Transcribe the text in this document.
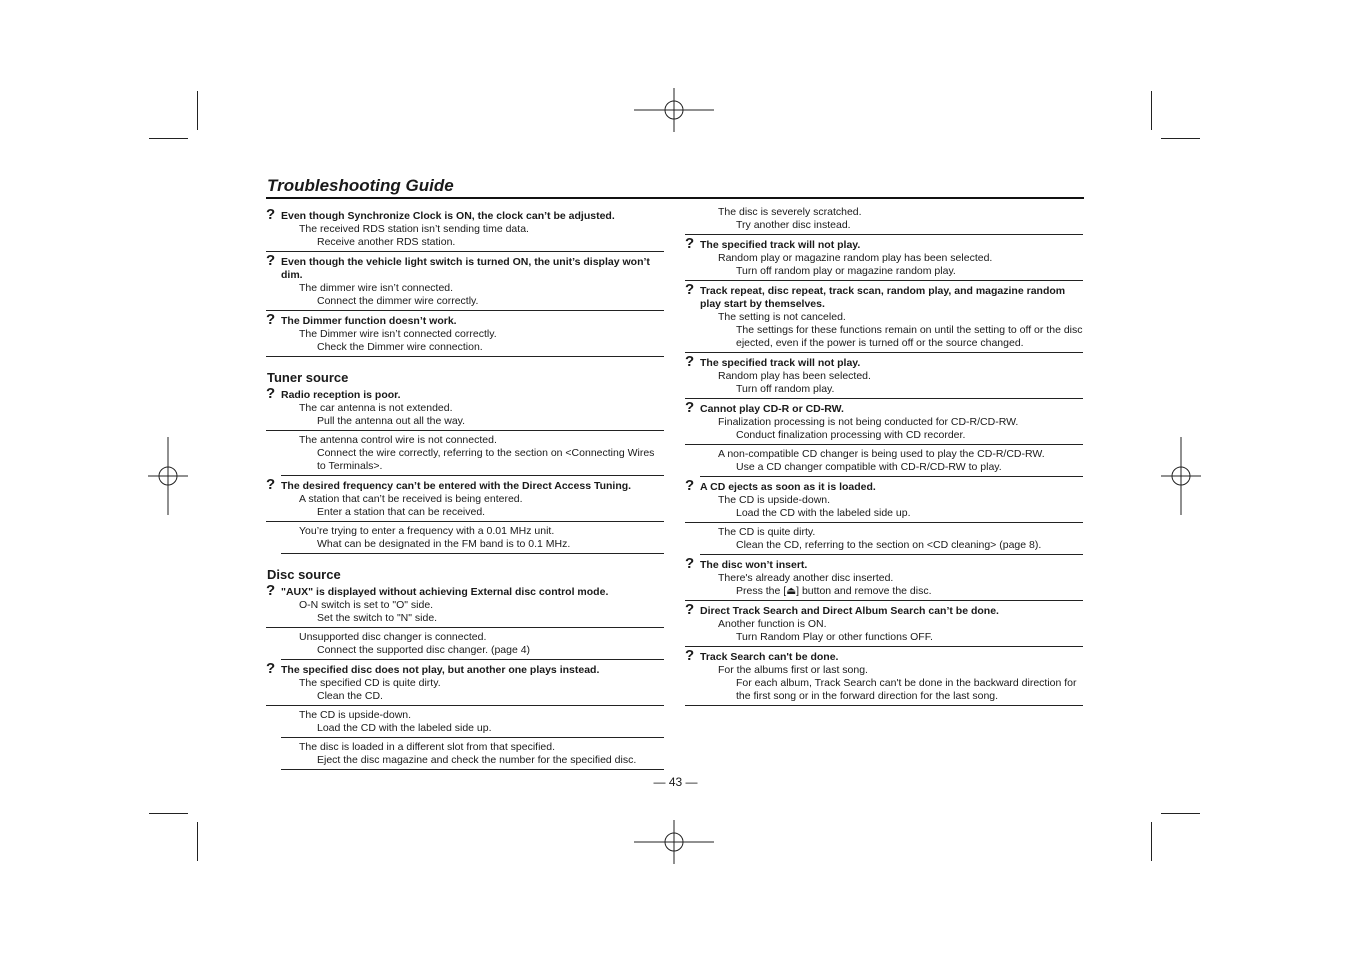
Troubleshooting Guide
? Even though Synchronize Clock is ON, the clock can’t be adjusted.
The received RDS station isn’t sending time data.
Receive another RDS station.
? Even though the vehicle light switch is turned ON, the unit’s display won’t dim.
The dimmer wire isn’t connected.
Connect the dimmer wire correctly.
? The Dimmer function doesn’t work.
The Dimmer wire isn’t connected correctly.
Check the Dimmer wire connection.
Tuner source
? Radio reception is poor.
The car antenna is not extended.
Pull the antenna out all the way.
The antenna control wire is not connected.
Connect the wire correctly, referring to the section on <Connecting Wires to Terminals>.
? The desired frequency can’t be entered with the Direct Access Tuning.
A station that can’t be received is being entered.
Enter a station that can be received.
You’re trying to enter a frequency with a 0.01 MHz unit.
What can be designated in the FM band is to 0.1 MHz.
Disc source
? "AUX" is displayed without achieving External disc control mode.
O-N switch is set to "O" side.
Set the switch to "N" side.
Unsupported disc changer is connected.
Connect the supported disc changer. (page 4)
? The specified disc does not play, but another one plays instead.
The specified CD is quite dirty.
Clean the CD.
The CD is upside-down.
Load the CD with the labeled side up.
The disc is loaded in a different slot from that specified.
Eject the disc magazine and check the number for the specified disc.
The disc is severely scratched.
Try another disc instead.
? The specified track will not play.
Random play or magazine random play has been selected.
Turn off random play or magazine random play.
? Track repeat, disc repeat, track scan, random play, and magazine random play start by themselves.
The setting is not canceled.
The settings for these functions remain on until the setting to off or the disc ejected, even if the power is turned off or the source changed.
? The specified track will not play.
Random play has been selected.
Turn off random play.
? Cannot play CD-R or CD-RW.
Finalization processing is not being conducted for CD-R/CD-RW.
Conduct finalization processing with CD recorder.
A non-compatible CD changer is being used to play the CD-R/CD-RW.
Use a CD changer compatible with CD-R/CD-RW to play.
? A CD ejects as soon as it is loaded.
The CD is upside-down.
Load the CD with the labeled side up.
The CD is quite dirty.
Clean the CD, referring to the section on <CD cleaning> (page 8).
? The disc won’t insert.
There's already another disc inserted.
Press the [⏏] button and remove the disc.
? Direct Track Search and Direct Album Search can’t be done.
Another function is ON.
Turn Random Play or other functions OFF.
? Track Search can't be done.
For the albums first or last song.
For each album, Track Search can't be done in the backward direction for the first song or in the forward direction for the last song.
— 43 —
